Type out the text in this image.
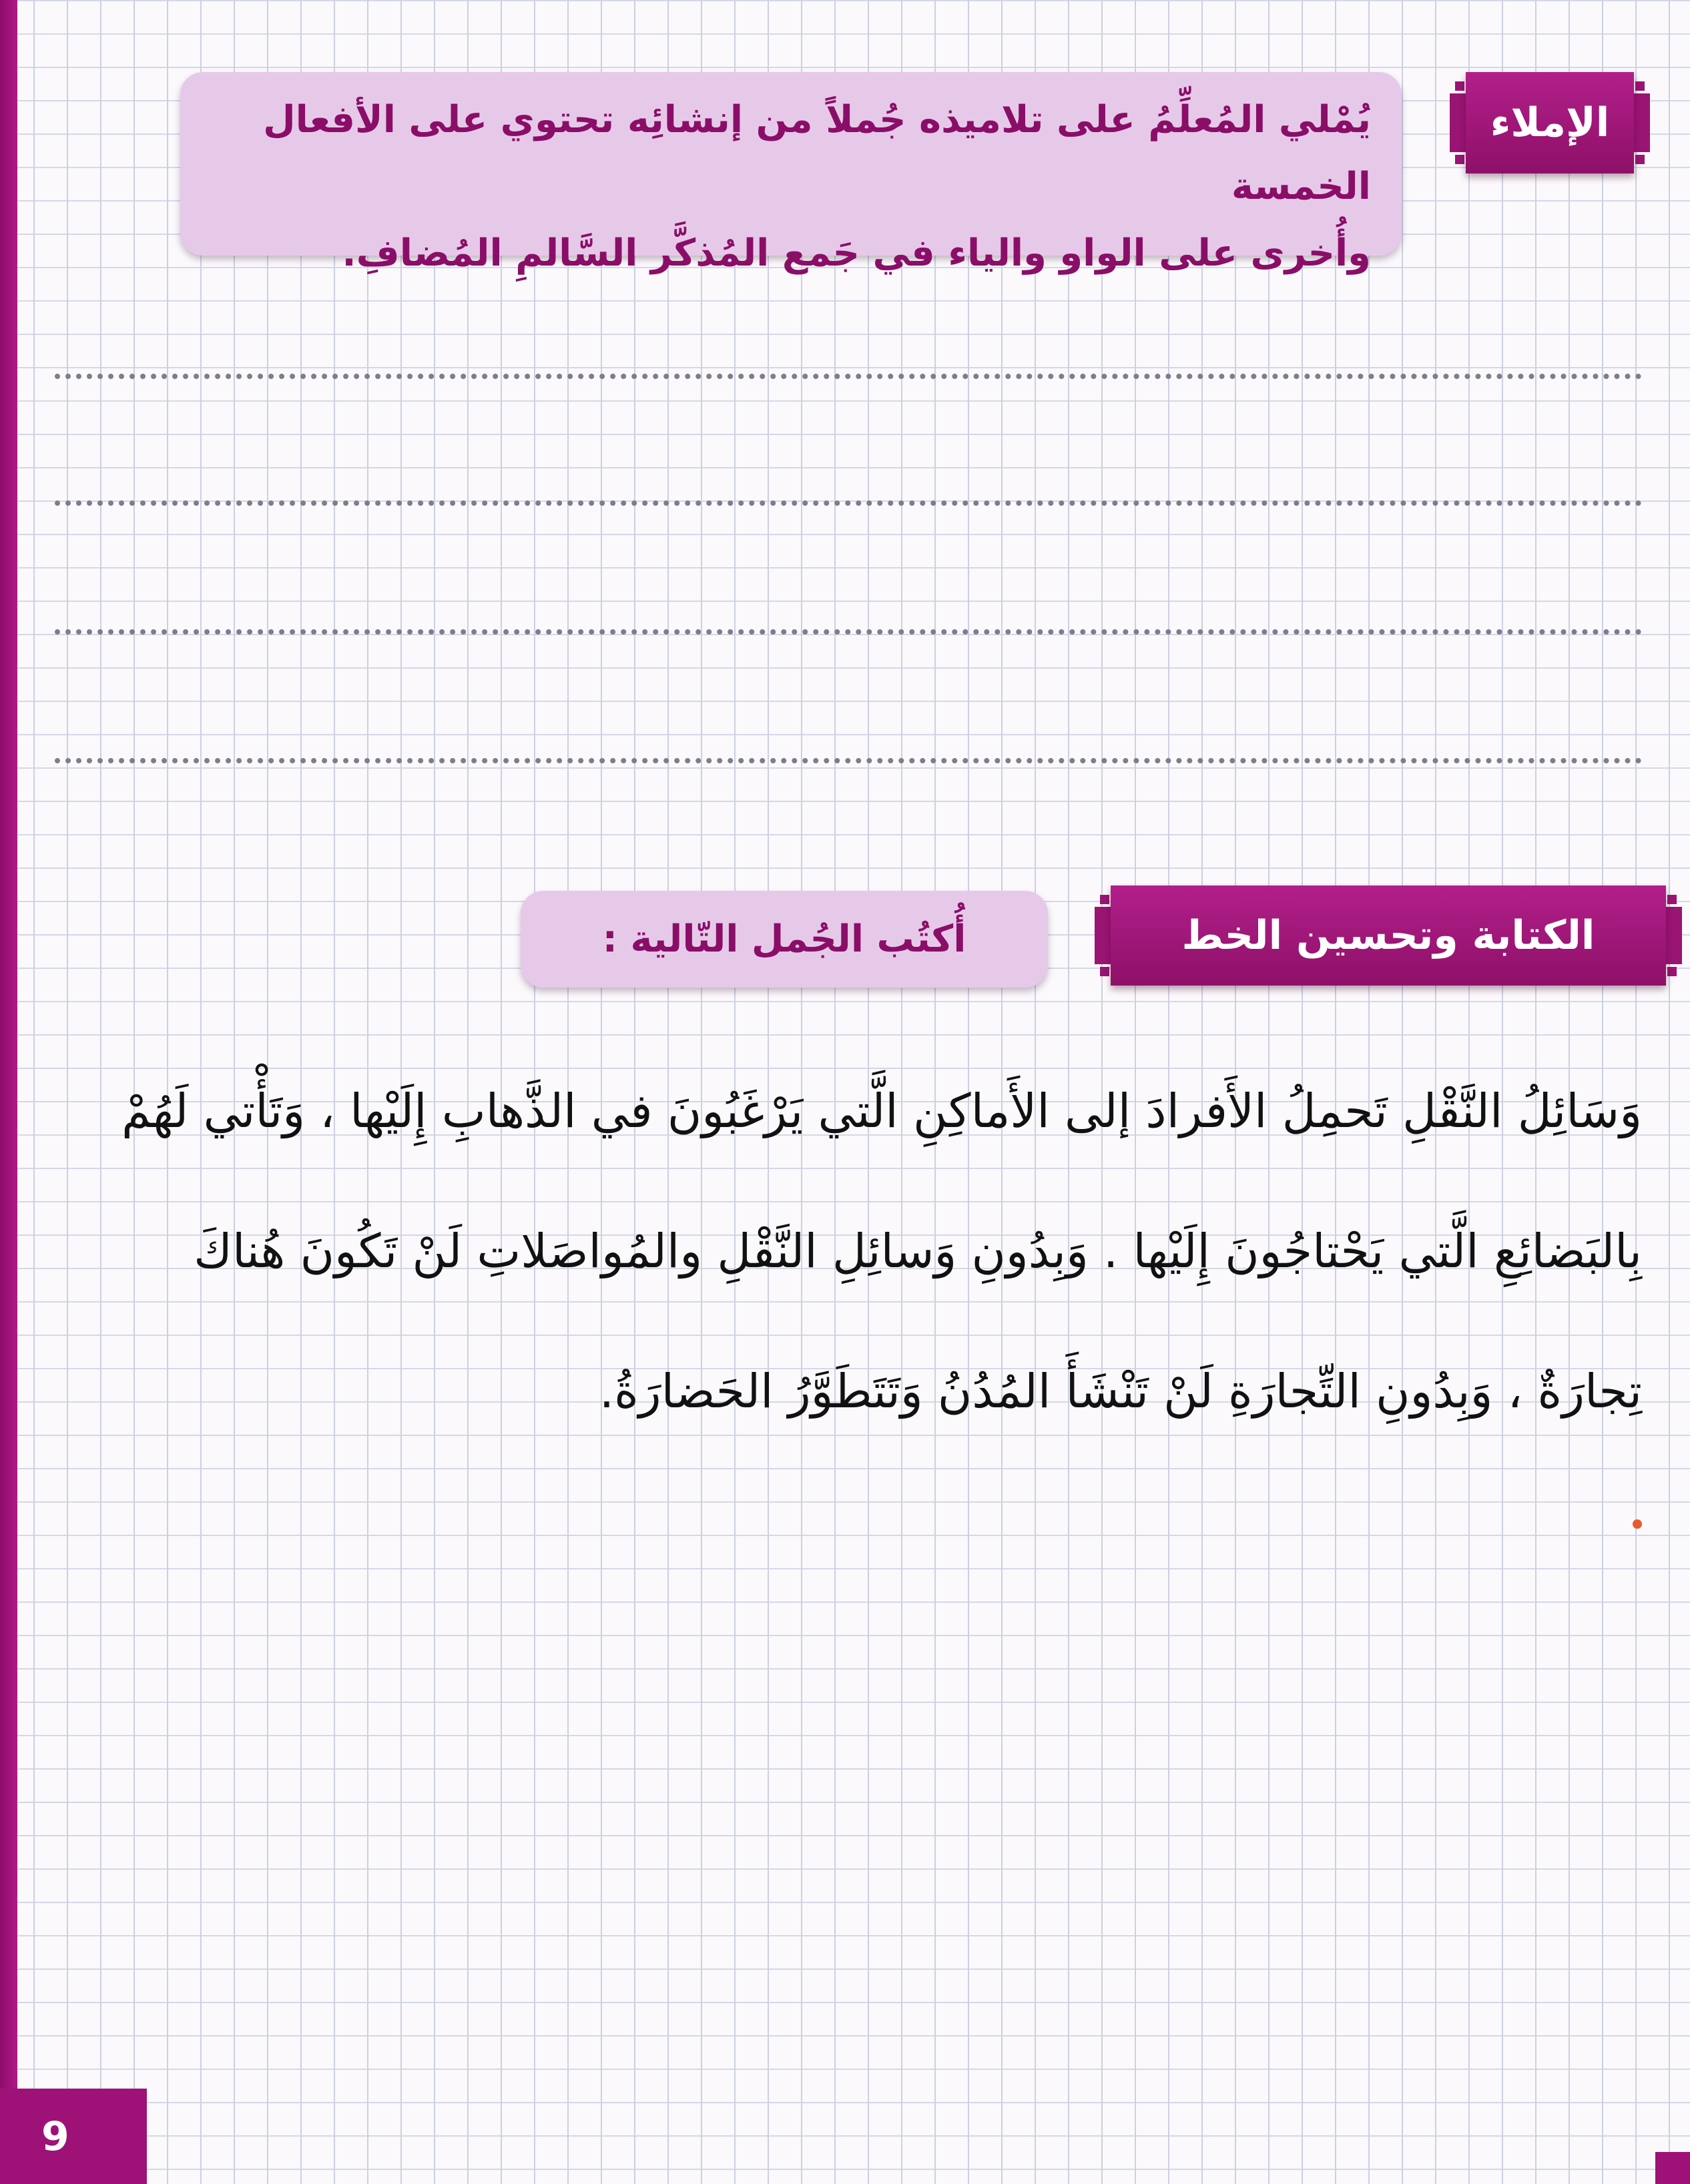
الإملاء
يُمْلي المُعلِّمُ على تلاميذه جُملاً من إنشائِه تحتوي على الأفعال الخمسة
وأُخرى على الواو والياء في جَمع المُذكَّر السَّالمِ المُضافِ.
الكتابة وتحسين الخط
أُكتُب الجُمل التّالية :
وَسَائِلُ النَّقْلِ تَحمِلُ الأَفرادَ إلى الأَماكِنِ الَّتي يَرْغَبُونَ في الذَّهابِ إِلَيْها ، وَتَأْتي لَهُمْ
بِالبَضائِعِ الَّتي يَحْتاجُونَ إِلَيْها . وَبِدُونِ وَسائِلِ النَّقْلِ والمُواصَلاتِ لَنْ تَكُونَ هُناكَ
تِجارَةٌ ، وَبِدُونِ التِّجارَةِ لَنْ تَنْشَأَ المُدُنُ وَتَتَطَوَّرُ الحَضارَةُ.
9
